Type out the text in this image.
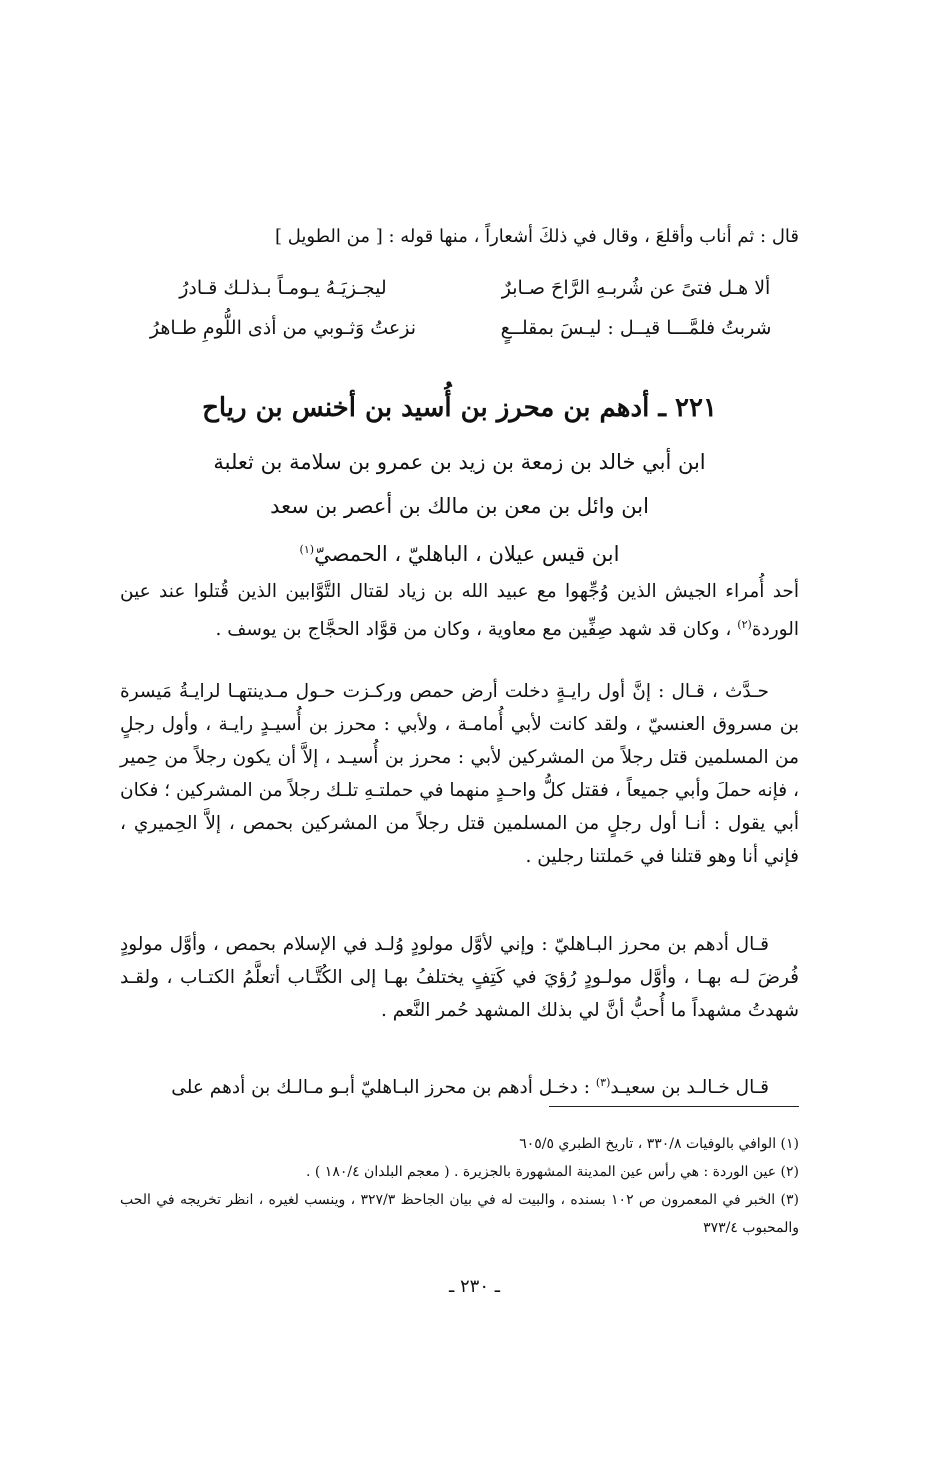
قال : ثم أناب وأقلعَ ، وقال في ذلكَ أشعاراً ، منها قوله : [ من الطويل ]
ألا هـل فتىً عن شُربـهِ الرَّاحَ صـابرٌ
ليجـزيَـهُ يـومـاً بـذلـك قـادرُ
شربتُ فلمَّـــا قيــل : ليـسَ بمقلــعٍ
نزعتُ وَثـوبي من أذى اللُّومِ طـاهرُ
٢٢١ ـ أدهم بن محرز بن أُسيد بن أخنس بن رياح
ابن أبي خالد بن زمعة بن زيد بن عمرو بن سلامة بن ثعلبة
ابن وائل بن معن بن مالك بن أعصر بن سعد
ابن قيس عيلان ، الباهليّ ، الحمصيّ$^{(١)}$
أحد أُمراء الجيش الذين وُجِّهوا مع عبيد الله بن زياد لقتال التَّوَّابين الذين قُتلوا عند عين الوردة$^{(٢)}$ ، وكان قد شهد صِفِّين مع معاوية ، وكان من قوَّاد الحجَّاج بن يوسف .
حـدَّث ، قـال : إنَّ أول رايـةٍ دخلت أرض حمص وركـزت حـول مـدينتهـا لرايـةُ مَيسرة بن مسروق العنسيّ ، ولقد كانت لأبي أُمامـة ، ولأبي : محرز بن أُسيـدٍ رايـة ، وأول رجلٍ من المسلمين قتل رجلاً من المشركين لأبي : محرز بن أُسيـد ، إلاَّ أن يكون رجلاً من حِمير ، فإنه حملَ وأبي جميعاً ، فقتل كلُّ واحـدٍ منهما في حملتـهِ تلـك رجلاً من المشركين ؛ فكان أبي يقول : أنـا أول رجلٍ من المسلمين قتل رجلاً من المشركين بحمص ، إلاَّ الحِميري ، فإني أنا وهو قتلنا في حَملتنا رجلين .
قـال أدهم بن محرز البـاهليّ : وإني لأوَّل مولودٍ وُلـد في الإسلام بحمص ، وأوَّل مولودٍ فُرضَ لـه بهـا ، وأوَّل مولـودٍ رُؤيَ في كَتِفٍ يختلفُ بهـا إلى الكُتَّـاب أتعلَّمُ الكتـاب ، ولقـد شهدتُ مشهداً ما أُحبُّ أنَّ لي بذلك المشهد حُمر النَّعم .
قـال خـالـد بن سعيـد$^{(٣)}$ : دخـل أدهم بن محرز البـاهليّ أبـو مـالـك بن أدهم على
(١) الوافي بالوفيات ٣٣٠/٨ ، تاريخ الطبري ٦٠٥/٥
(٢) عين الوردة : هي رأس عين المدينة المشهورة بالجزيرة . ( معجم البلدان ١٨٠/٤ ) .
(٣) الخبر في المعمرون ص ١٠٢ بسنده ، والبيت له في بيان الجاحظ ٣٢٧/٣ ، وينسب لغيره ، انظر تخريجه في الحب والمحبوب ٣٧٣/٤
ـ ٢٣٠ ـ
